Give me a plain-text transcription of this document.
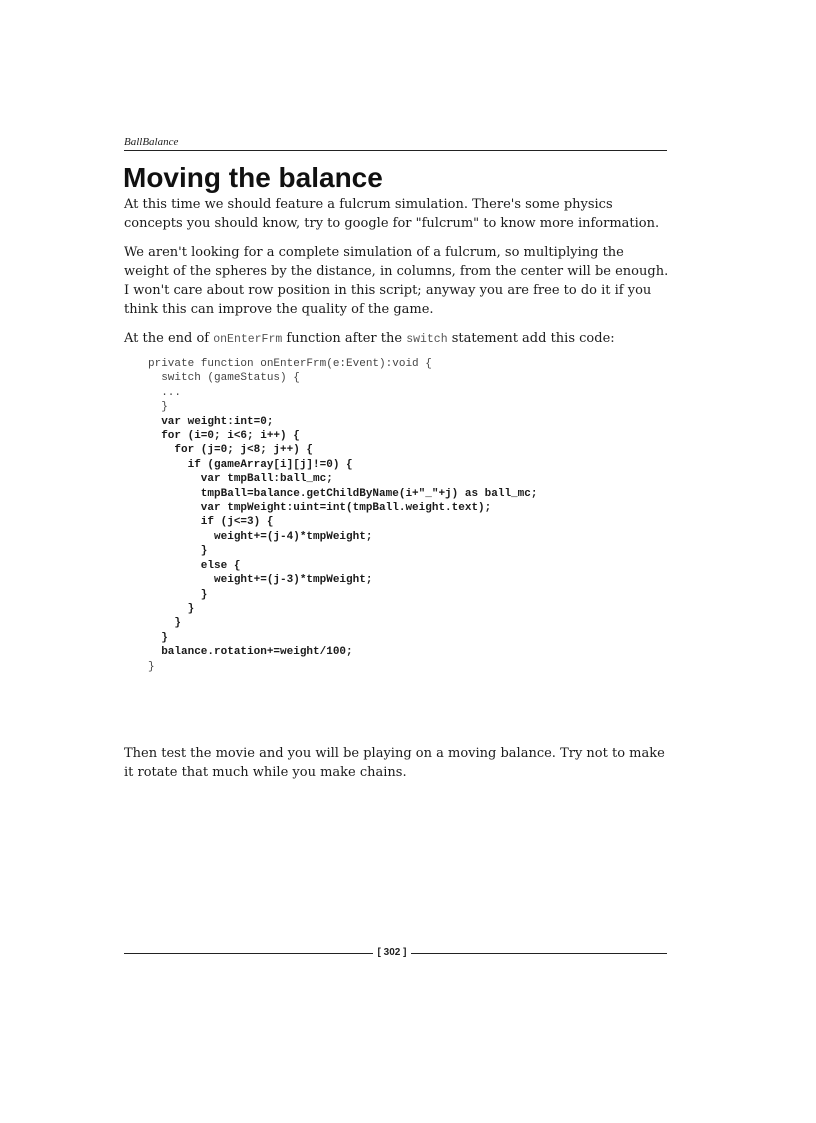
BallBalance
Moving the balance

At this time we should feature a fulcrum simulation. There's some physics concepts you should know, try to google for "fulcrum" to know more information.

We aren't looking for a complete simulation of a fulcrum, so multiplying the weight of the spheres by the distance, in columns, from the center will be enough. I won't care about row position in this script; anyway you are free to do it if you think this can improve the quality of the game.

At the end of onEnterFrm function after the switch statement add this code:

private function onEnterFrm(e:Event):void {
switch (gameStatus) {
...
}
var weight:int=0;
for (i=0; i<6; i++) {
for (j=0; j<8; j++) {
if (gameArray[i][j]!=0) {
var tmpBall:ball_mc;
tmpBall=balance.getChildByName(i+"_"+j) as ball_mc;
var tmpWeight:uint=int(tmpBall.weight.text);
if (j<=3) {
weight+=(j-4)*tmpWeight;
}
else {
weight+=(j-3)*tmpWeight;
}
}
}
}
balance.rotation+=weight/100;
}

Then test the movie and you will be playing on a moving balance. Try not to make it rotate that much while you make chains.

[ 302 ]
